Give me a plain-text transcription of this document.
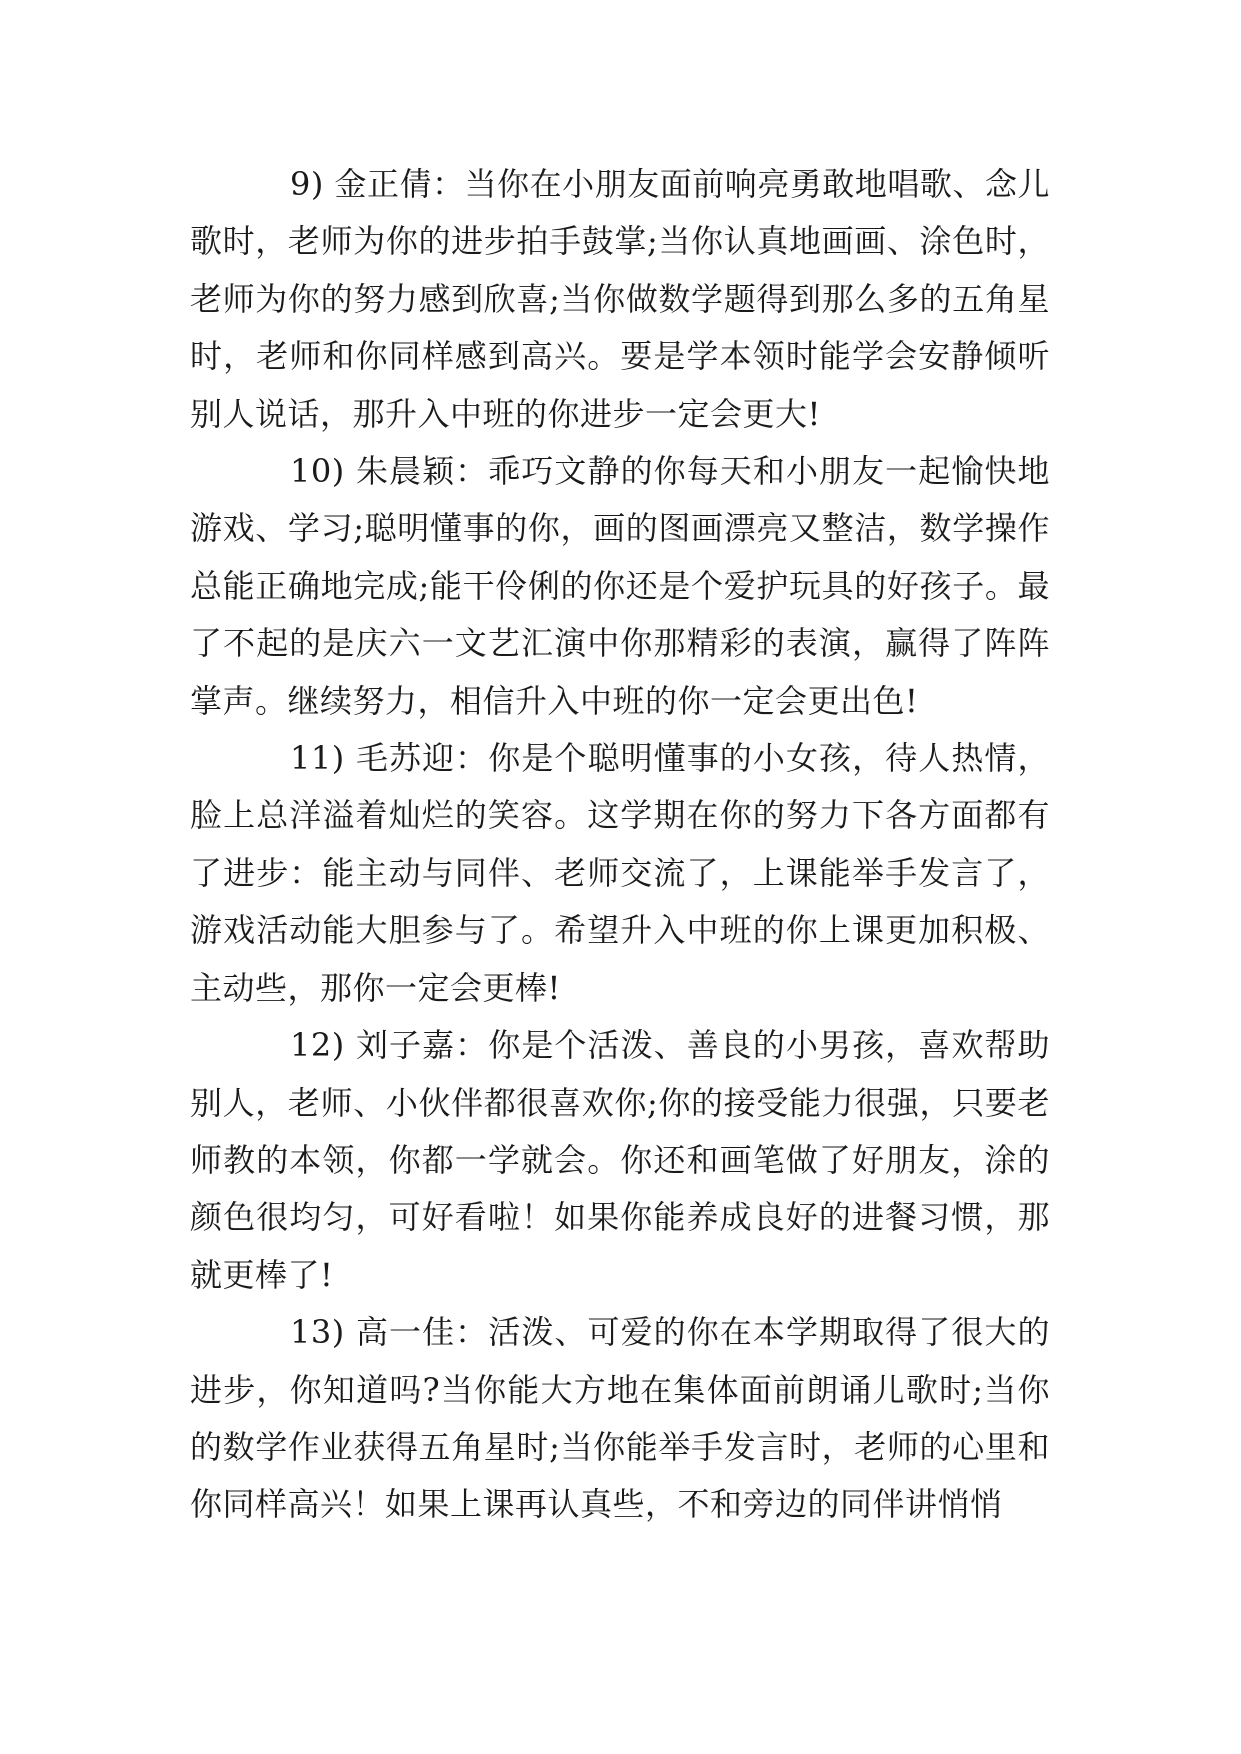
9) 金正倩：当你在小朋友面前响亮勇敢地唱歌、念儿歌时，老师为你的进步拍手鼓掌;当你认真地画画、涂色时，老师为你的努力感到欣喜;当你做数学题得到那么多的五角星时，老师和你同样感到高兴。要是学本领时能学会安静倾听别人说话，那升入中班的你进步一定会更大!

10) 朱晨颖：乖巧文静的你每天和小朋友一起愉快地游戏、学习;聪明懂事的你，画的图画漂亮又整洁，数学操作总能正确地完成;能干伶俐的你还是个爱护玩具的好孩子。最了不起的是庆六一文艺汇演中你那精彩的表演，赢得了阵阵掌声。继续努力，相信升入中班的你一定会更出色!

11) 毛苏迎：你是个聪明懂事的小女孩，待人热情，脸上总洋溢着灿烂的笑容。这学期在你的努力下各方面都有了进步：能主动与同伴、老师交流了，上课能举手发言了，游戏活动能大胆参与了。希望升入中班的你上课更加积极、主动些，那你一定会更棒!

12) 刘子嘉：你是个活泼、善良的小男孩，喜欢帮助别人，老师、小伙伴都很喜欢你;你的接受能力很强，只要老师教的本领，你都一学就会。你还和画笔做了好朋友，涂的颜色很均匀，可好看啦！如果你能养成良好的进餐习惯，那就更棒了!

13) 高一佳：活泼、可爱的你在本学期取得了很大的进步，你知道吗?当你能大方地在集体面前朗诵儿歌时;当你的数学作业获得五角星时;当你能举手发言时，老师的心里和你同样高兴！如果上课再认真些，不和旁边的同伴讲悄悄
